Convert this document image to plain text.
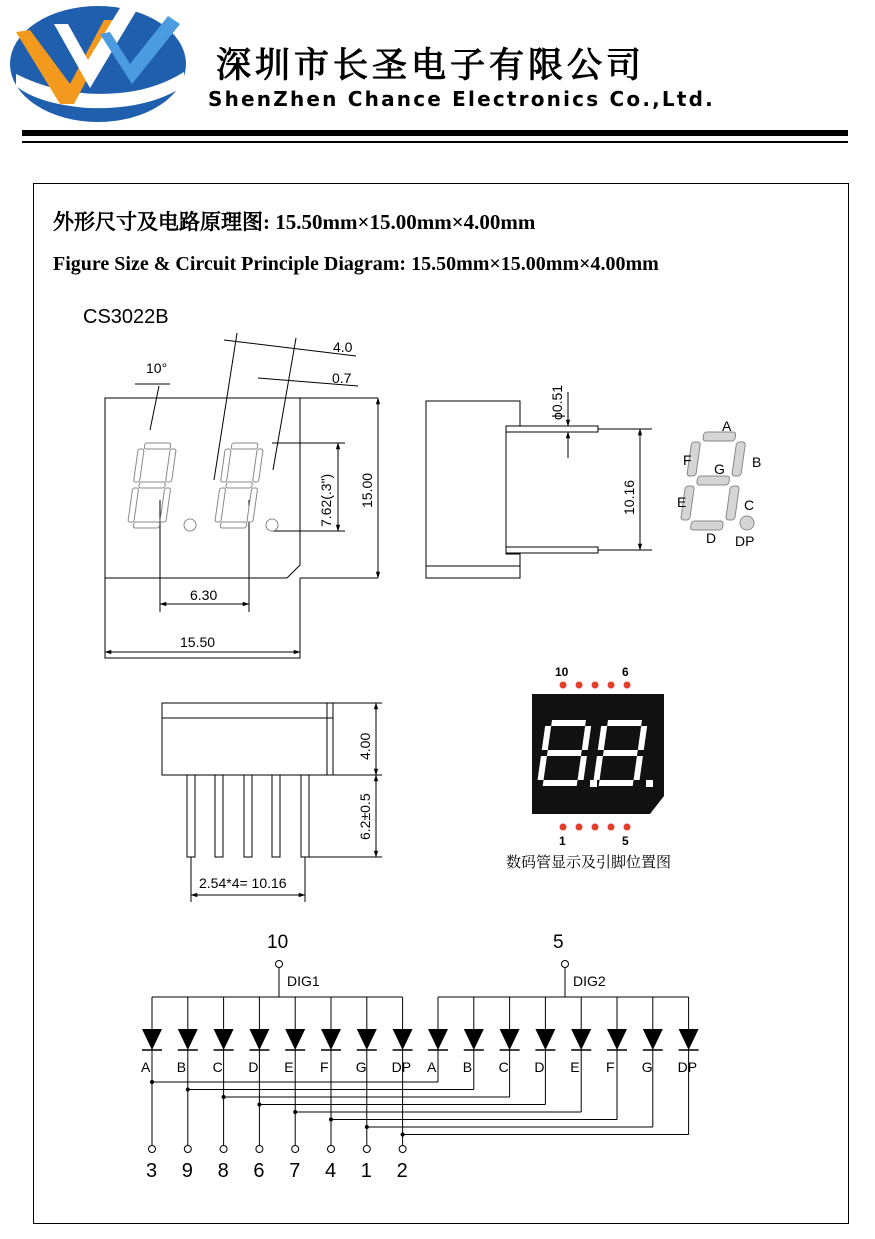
深圳市长圣电子有限公司
ShenZhen Chance Electronics Co.,Ltd.
外形尺寸及电路原理图: 15.50mm×15.00mm×4.00mm
Figure Size & Circuit Principle Diagram: 15.50mm×15.00mm×4.00mm
CS3022B
10°
4.0
0.7
6.30
15.50
15.00
7.62(.3")
ϕ0.51
10.16
A
B
C
D
E
F
G
DP
4.00
6.2±0.5
2.54*4= 10.16
10	6
1	5
10
DIG1
A B C D E F G DP
5
DIG2
A B C D E F G DP
3 9 8 6 7 4 1 2
数码管显示及引脚位置图
